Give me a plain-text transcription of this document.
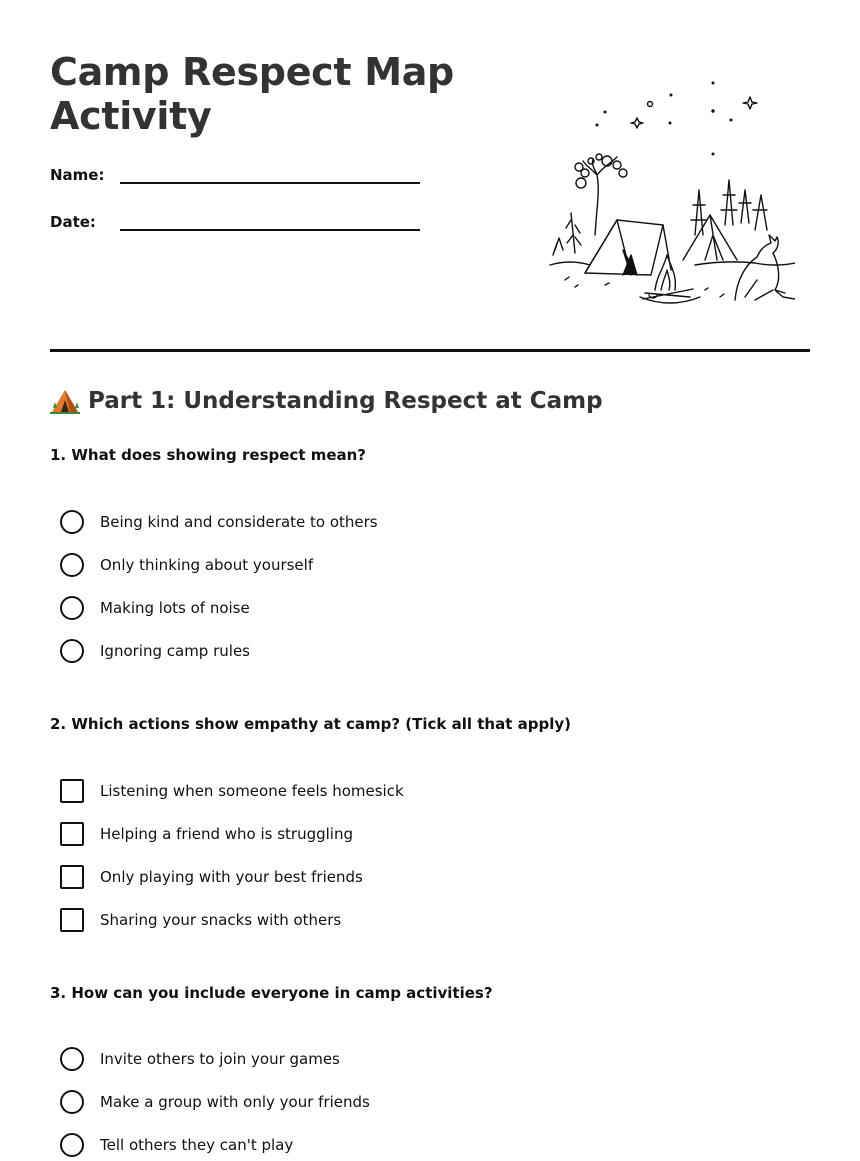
Camp Respect Map Activity
Name:
Date:
Part 1: Understanding Respect at Camp

1. What does showing respect mean?

Being kind and considerate to others
Only thinking about yourself
Making lots of noise
Ignoring camp rules

2. Which actions show empathy at camp? (Tick all that apply)

Listening when someone feels homesick
Helping a friend who is struggling
Only playing with your best friends
Sharing your snacks with others

3. How can you include everyone in camp activities?

Invite others to join your games
Make a group with only your friends
Tell others they can't play
